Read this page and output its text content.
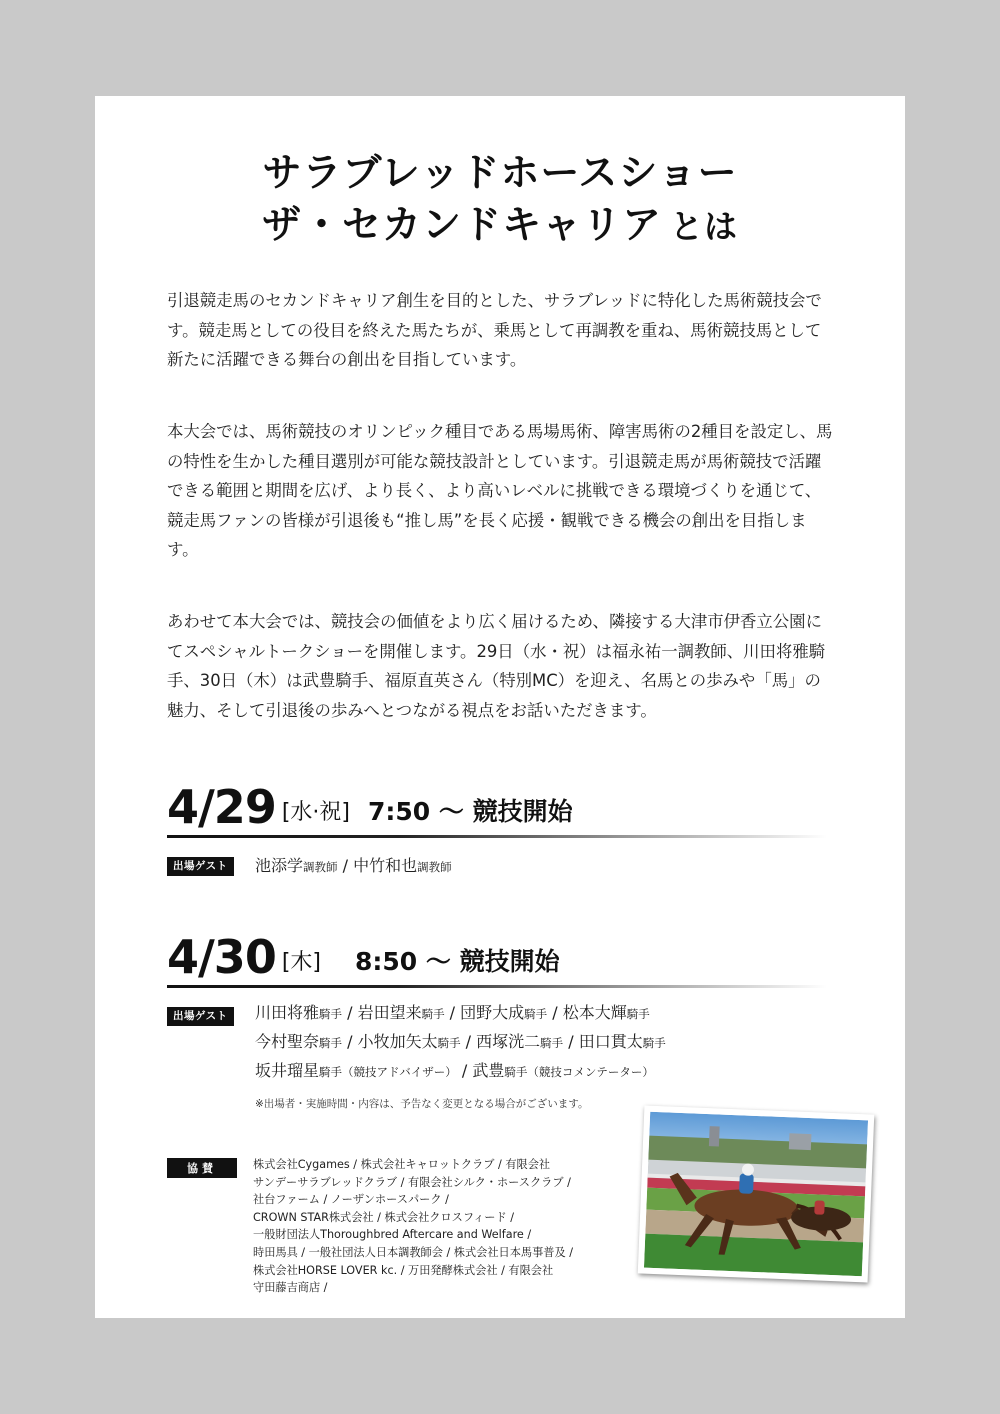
サラブレッドホースショー
ザ・セカンドキャリア とは

引退競走馬のセカンドキャリア創生を目的とした、サラブレッドに特化した馬術競技会です。競走馬としての役目を終えた馬たちが、乗馬として再調教を重ね、馬術競技馬として新たに活躍できる舞台の創出を目指しています。

本大会では、馬術競技のオリンピック種目である馬場馬術、障害馬術の2種目を設定し、馬の特性を生かした種目選別が可能な競技設計としています。引退競走馬が馬術競技で活躍できる範囲と期間を広げ、より長く、より高いレベルに挑戦できる環境づくりを通じて、競走馬ファンの皆様が引退後も“推し馬”を長く応援・観戦できる機会の創出を目指します。

あわせて本大会では、競技会の価値をより広く届けるため、隣接する大津市伊香立公園にてスペシャルトークショーを開催します。29日（水・祝）は福永祐一調教師、川田将雅騎手、30日（木）は武豊騎手、福原直英さん（特別MC）を迎え、名馬との歩みや「馬」の魅力、そして引退後の歩みへとつながる視点をお話いただきます。

4/29 [水·祝] 7:50 〜 競技開始
出場ゲスト	池添学調教師 / 中竹和也調教師

4/30 [木] 8:50 〜 競技開始
出場ゲスト	川田将雅騎手 / 岩田望来騎手 / 団野大成騎手 / 松本大輝騎手
今村聖奈騎手 / 小牧加矢太騎手 / 西塚洸二騎手 / 田口貫太騎手
坂井瑠星騎手（競技アドバイザー） / 武豊騎手（競技コメンテーター）

※出場者・実施時間・内容は、予告なく変更となる場合がございます。
協賛	株式会社Cygames / 株式会社キャロットクラブ / 有限会社
サンデーサラブレッドクラブ / 有限会社シルク・ホースクラブ /
社台ファーム / ノーザンホースパーク /
CROWN STAR株式会社 / 株式会社クロスフィード /
一般財団法人Thoroughbred Aftercare and Welfare /
時田馬具 / 一般社団法人日本調教師会 / 株式会社日本馬事普及 /
株式会社HORSE LOVER kc. / 万田発酵株式会社 / 有限会社
守田藤吉商店 /
